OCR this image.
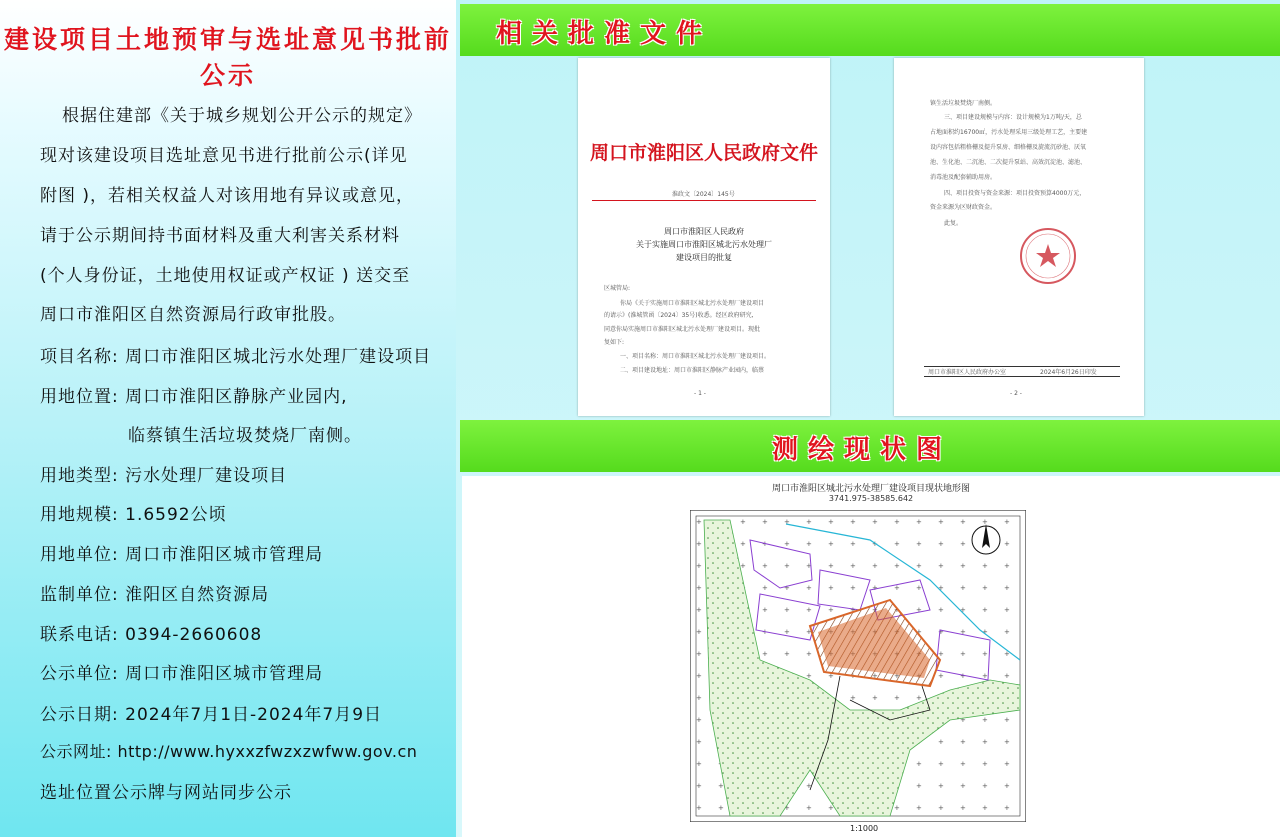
建设项目土地预审与选址意见书批前公示
根据住建部《关于城乡规划公开公示的规定》
现对该建设项目选址意见书进行批前公示(详见
附图 )，若相关权益人对该用地有异议或意见，
请于公示期间持书面材料及重大利害关系材料
(个人身份证，土地使用权证或产权证 ) 送交至
周口市淮阳区自然资源局行政审批股。
项目名称: 周口市淮阳区城北污水处理厂建设项目
用地位置: 周口市淮阳区静脉产业园内,
临蔡镇生活垃圾焚烧厂南侧。
用地类型: 污水处理厂建设项目
用地规模: 1.6592公顷
用地单位: 周口市淮阳区城市管理局
监制单位: 淮阳区自然资源局
联系电话: 0394-2660608
公示单位: 周口市淮阳区城市管理局
公示日期: 2024年7月1日-2024年7月9日
公示网址: http://www.hyxxzfwzxzwfww.gov.cn
选址位置公示牌与网站同步公示
相关批准文件
测绘现状图
周口市淮阳区人民政府文件
淮政文〔2024〕145号
周口市淮阳区人民政府
关于实施周口市淮阳区城北污水处理厂
建设项目的批复
区城管局:
你局《关于实施周口市淮阳区城北污水处理厂建设项目
的请示》(淮城管函〔2024〕35号)收悉。经区政府研究,
同意你局实施周口市淮阳区城北污水处理厂建设项目。现批
复如下:
一、项目名称：周口市淮阳区城北污水处理厂建设项目。
二、项目建设地址：周口市淮阳区静脉产业园内，临蔡
- 1 -
镇生活垃圾焚烧厂南侧。
三、项目建设规模与内容：设计规模为1万吨/天，总
占地面积约16700㎡，污水处理采用三级处理工艺，主要建
设内容包括粗格栅及提升泵房、细格栅及旋流沉砂池、厌氧
池、生化池、二沉池、二次提升泵站、高效沉淀池、滤池、
消毒池及配套辅助用房。
四、项目投资与资金来源：项目投资预算4000万元，
资金来源为区财政资金。
此复。
周口市淮阳区人民政府办公室	2024年6月26日印发
- 2 -
周口市淮阳区城北污水处理厂建设项目现状地形图
3741.975-38585.642
1:1000
